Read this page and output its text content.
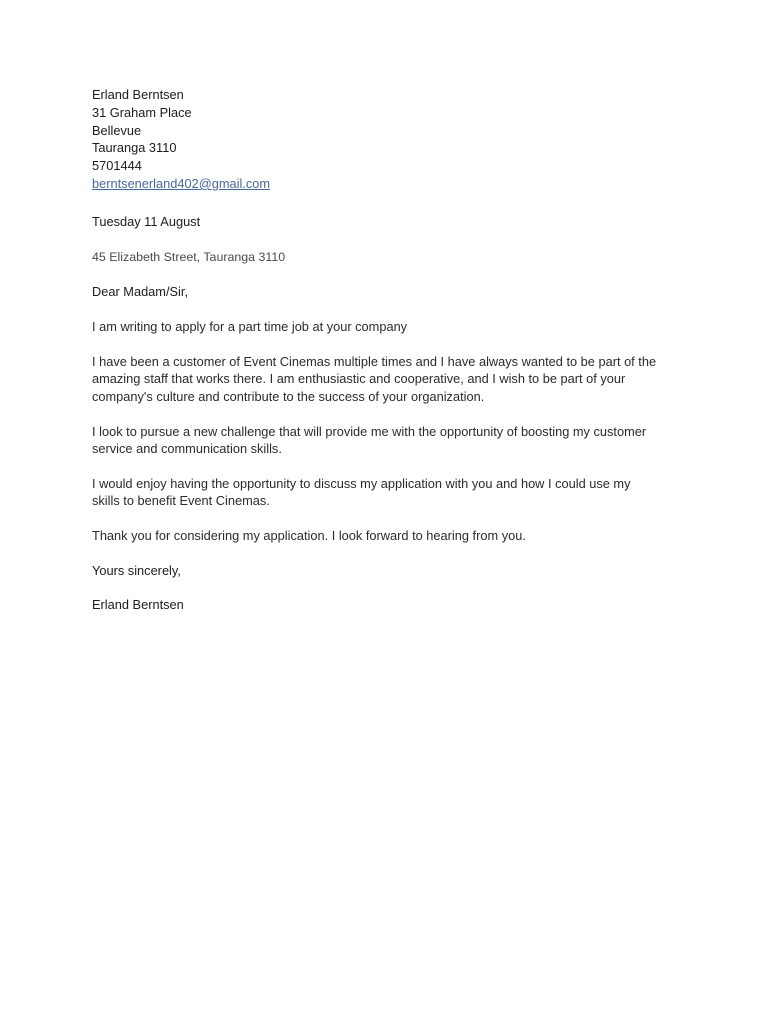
Erland Berntsen
31 Graham Place
Bellevue
Tauranga 3110
5701444
berntsenerland402@gmail.com
Tuesday 11 August
45 Elizabeth Street, Tauranga 3110
Dear Madam/Sir,

I am writing to apply for a part time job at your company

I have been a customer of Event Cinemas multiple times and I have always wanted to be part of the amazing staff that works there. I am enthusiastic and cooperative, and I wish to be part of your company's culture and contribute to the success of your organization.

I look to pursue a new challenge that will provide me with the opportunity of boosting my customer service and communication skills.

I would enjoy having the opportunity to discuss my application with you and how I could use my skills to benefit Event Cinemas.

Thank you for considering my application. I look forward to hearing from you.

Yours sincerely,
Erland Berntsen
